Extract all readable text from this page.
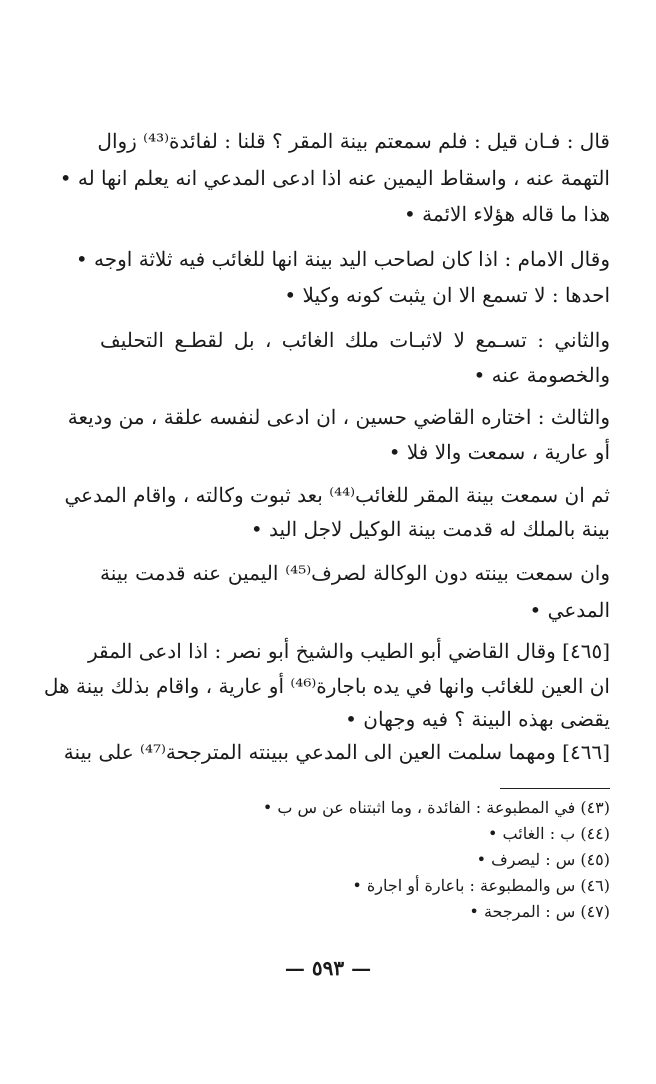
قال : فـان قيل : فلم سمعتم بينة المقر ؟ قلنا : لفائدة⁽⁴³⁾ زوال
التهمة عنه ، واسقاط اليمين عنه اذا ادعى المدعي انه يعلم انها له •
هذا ما قاله هؤلاء الائمة •
وقال الامام : اذا كان لصاحب اليد بينة انها للغائب فيه ثلاثة اوجه •
احدها : لا تسمع الا ان يثبت كونه وكيلا •
والثاني : تسـمع لا لاثبـات ملك الغائب ، بل لقطـع التحليف
والخصومة عنه •
والثالث : اختاره القاضي حسين ، ان ادعى لنفسه علقة ، من وديعة
أو عارية ، سمعت والا فلا •
ثم ان سمعت بينة المقر للغائب⁽⁴⁴⁾ بعد ثبوت وكالته ، واقام المدعي
بينة بالملك له قدمت بينة الوكيل لاجل اليد •
وان سمعت بينته دون الوكالة لصرف⁽⁴⁵⁾ اليمين عنه قدمت بينة
المدعي •
[٤٦٥] وقال القاضي أبو الطيب والشيخ أبو نصر : اذا ادعى المقر
ان العين للغائب وانها في يده باجارة⁽⁴⁶⁾ أو عارية ، واقام بذلك بينة هل
يقضى بهذه البينة ؟ فيه وجهان •
[٤٦٦] ومهما سلمت العين الى المدعي ببينته المترجحة⁽⁴⁷⁾ على بينة
(٤٣) في المطبوعة : الفائدة ، وما اثبتناه عن س ب •
(٤٤) ب : الغائب •
(٤٥) س : ليصرف •
(٤٦) س والمطبوعة : باعارة أو اجارة •
(٤٧) س : المرجحة •
— ٥٩٣ —
